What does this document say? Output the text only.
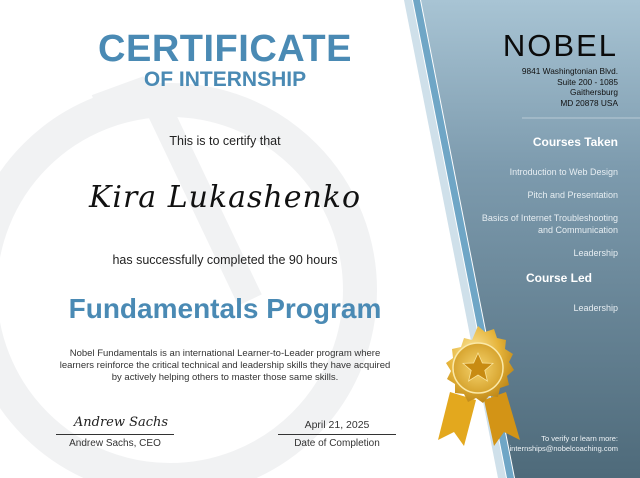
CERTIFICATE
OF INTERNSHIP
This is to certify that
Kira Lukashenko
has successfully completed the 90 hours
Fundamentals Program
Nobel Fundamentals is an international Learner-to-Leader program where
learners reinforce the critical technical and leadership skills they have acquired
by actively helping others to master those same skills.
Andrew Sachs
Andrew Sachs, CEO
April 21, 2025
Date of Completion
NOBEL
9841 Washingtonian Blvd.
Suite 200 - 1085
Gaithersburg
MD 20878 USA
Courses Taken
Introduction to Web Design
Pitch and Presentation
Basics of Internet Troubleshooting
and Communication
Leadership
Course Led
Leadership
To verify or learn more:
internships@nobelcoaching.com
